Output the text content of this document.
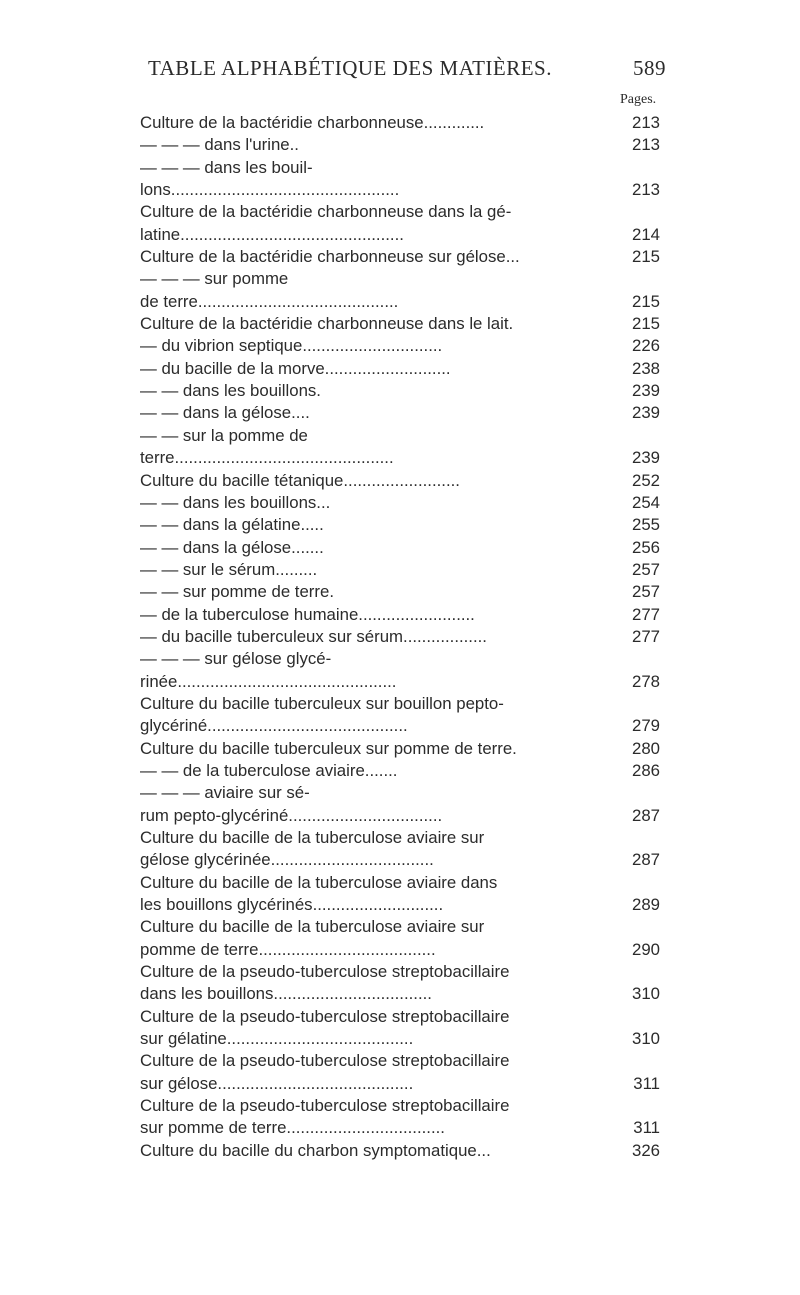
TABLE ALPHABÉTIQUE DES MATIÈRES.	589
Pages.
Culture de la bactéridie charbonneuse.............	213
— — — dans l'urine..	213
— — — dans les bouil-
lons.................................................	213
Culture de la bactéridie charbonneuse dans la gé-
latine................................................	214
Culture de la bactéridie charbonneuse sur gélose...	215
— — — sur pomme
de terre...........................................	215
Culture de la bactéridie charbonneuse dans le lait.	215
— du vibrion septique..............................	226
— du bacille de la morve...........................	238
— — dans les bouillons.	239
— — dans la gélose....	239
— — sur la pomme de
terre...............................................	239
Culture du bacille tétanique.........................	252
— — dans les bouillons...	254
— — dans la gélatine.....	255
— — dans la gélose.......	256
— — sur le sérum.........	257
— — sur pomme de terre.	257
— de la tuberculose humaine.........................	277
— du bacille tuberculeux sur sérum..................	277
— — — sur gélose glycé-
rinée...............................................	278
Culture du bacille tuberculeux sur bouillon pepto-
glycériné...........................................	279
Culture du bacille tuberculeux sur pomme de terre.	280
— — de la tuberculose aviaire.......	286
— — — aviaire sur sé-
rum pepto-glycériné.................................	287
Culture du bacille de la tuberculose aviaire sur
gélose glycérinée...................................	287
Culture du bacille de la tuberculose aviaire dans
les bouillons glycérinés............................	289
Culture du bacille de la tuberculose aviaire sur
pomme de terre......................................	290
Culture de la pseudo-tuberculose streptobacillaire
dans les bouillons..................................	310
Culture de la pseudo-tuberculose streptobacillaire
sur gélatine........................................	310
Culture de la pseudo-tuberculose streptobacillaire
sur gélose..........................................	311
Culture de la pseudo-tuberculose streptobacillaire
sur pomme de terre..................................	311
Culture du bacille du charbon symptomatique...	326
